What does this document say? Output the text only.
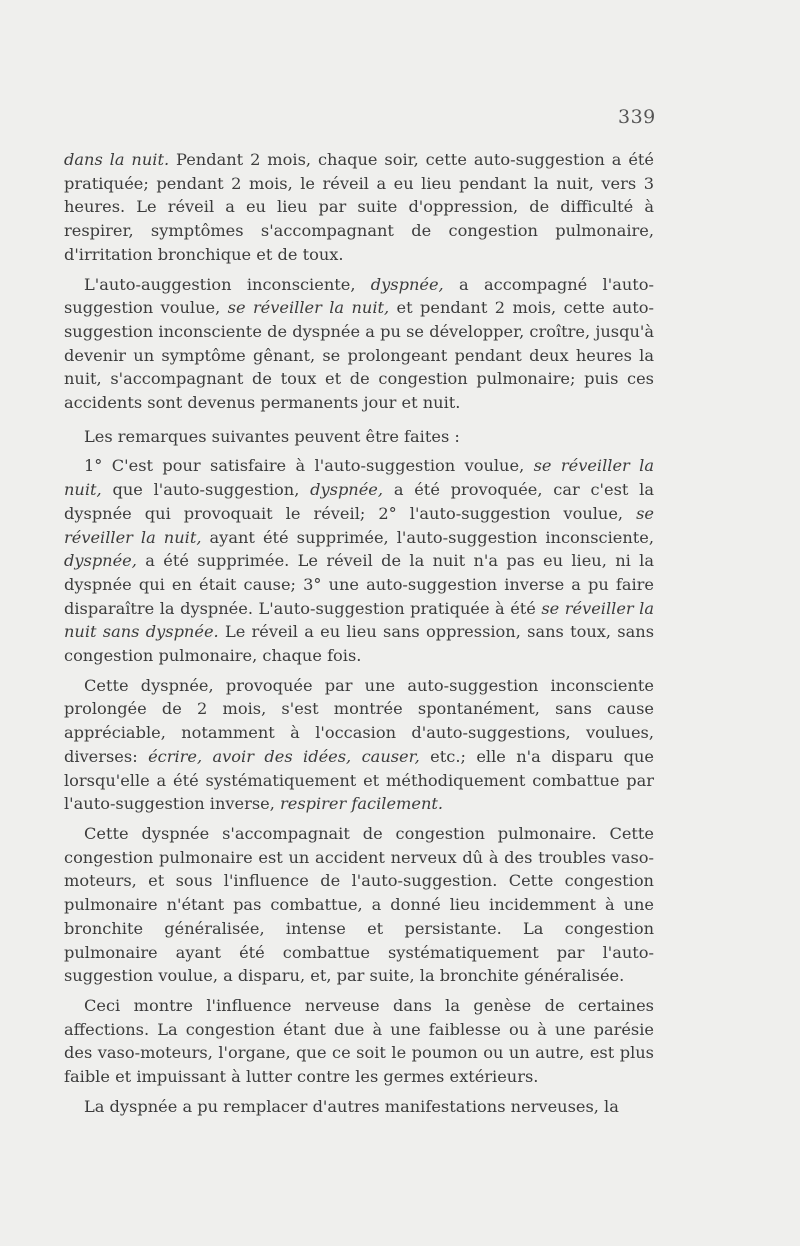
339

dans la nuit. Pendant 2 mois, chaque soir, cette auto-suggestion a été pratiquée; pendant 2 mois, le réveil a eu lieu pendant la nuit, vers 3 heures. Le réveil a eu lieu par suite d'oppression, de difficulté à respirer, symptômes s'accompagnant de congestion pulmonaire, d'irritation bronchique et de toux.

L'auto-auggestion inconsciente, dyspnée, a accompagné l'auto-suggestion voulue, se réveiller la nuit, et pendant 2 mois, cette auto-suggestion inconsciente de dyspnée a pu se développer, croître, jusqu'à devenir un symptôme gênant, se prolongeant pendant deux heures la nuit, s'accompagnant de toux et de congestion pulmonaire; puis ces accidents sont devenus permanents jour et nuit.

Les remarques suivantes peuvent être faites :

1° C'est pour satisfaire à l'auto-suggestion voulue, se réveiller la nuit, que l'auto-suggestion, dyspnée, a été provoquée, car c'est la dyspnée qui provoquait le réveil; 2° l'auto-suggestion voulue, se réveiller la nuit, ayant été supprimée, l'auto-suggestion inconsciente, dyspnée, a été supprimée. Le réveil de la nuit n'a pas eu lieu, ni la dyspnée qui en était cause; 3° une auto-suggestion inverse a pu faire disparaître la dyspnée. L'auto-suggestion pratiquée à été se réveiller la nuit sans dyspnée. Le réveil a eu lieu sans oppression, sans toux, sans congestion pulmonaire, chaque fois.

Cette dyspnée, provoquée par une auto-suggestion inconsciente prolongée de 2 mois, s'est montrée spontanément, sans cause appréciable, notamment à l'occasion d'auto-suggestions, voulues, diverses: écrire, avoir des idées, causer, etc.; elle n'a disparu que lorsqu'elle a été systématiquement et méthodiquement combattue par l'auto-suggestion inverse, respirer facilement.

Cette dyspnée s'accompagnait de congestion pulmonaire. Cette congestion pulmonaire est un accident nerveux dû à des troubles vaso-moteurs, et sous l'influence de l'auto-suggestion. Cette congestion pulmonaire n'étant pas combattue, a donné lieu incidemment à une bronchite généralisée, intense et persistante. La congestion pulmonaire ayant été combattue systématiquement par l'auto-suggestion voulue, a disparu, et, par suite, la bronchite généralisée.

Ceci montre l'influence nerveuse dans la genèse de certaines affections. La congestion étant due à une faiblesse ou à une parésie des vaso-moteurs, l'organe, que ce soit le poumon ou un autre, est plus faible et impuissant à lutter contre les germes extérieurs.

La dyspnée a pu remplacer d'autres manifestations nerveuses, la
